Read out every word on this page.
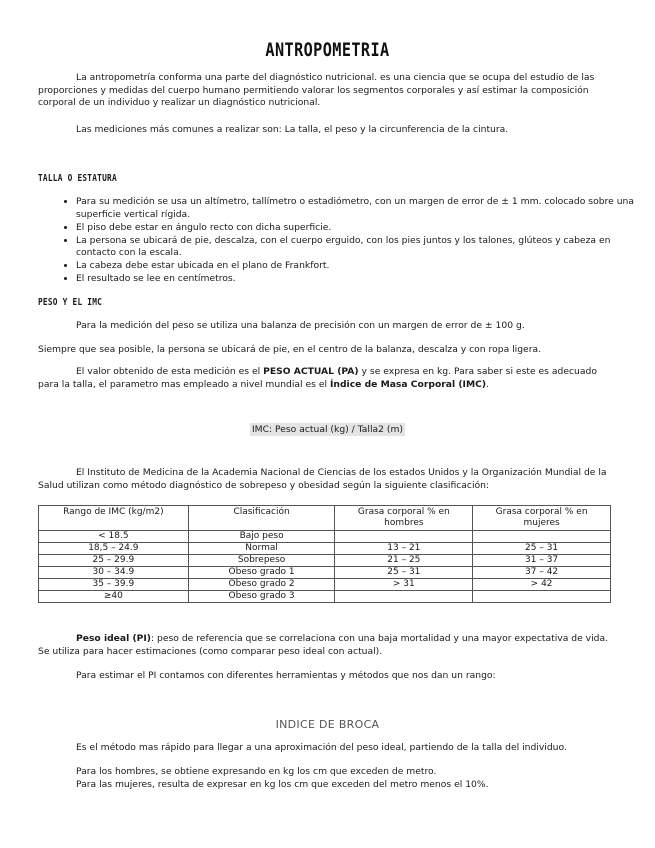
ANTROPOMETRIA

La antropometría conforma una parte del diagnóstico nutricional. es una ciencia que se ocupa del estudio de las proporciones y medidas del cuerpo humano permitiendo valorar los segmentos corporales y así estimar la composición corporal de un individuo y realizar un diagnóstico nutricional.

Las mediciones más comunes a realizar son: La talla, el peso y la circunferencia de la cintura.

TALLA O ESTATURA
• Para su medición se usa un altímetro, tallímetro o estadiómetro, con un margen de error de ± 1 mm. colocado sobre una superficie vertical rígida.
• El piso debe estar en ángulo recto con dicha superficie.
• La persona se ubicará de pie, descalza, con el cuerpo erguido, con los pies juntos y los talones, glúteos y cabeza en contacto con la escala.
• La cabeza debe estar ubicada en el plano de Frankfort.
• El resultado se lee en centímetros.
PESO Y EL IMC

Para la medición del peso se utiliza una balanza de precisión con un margen de error de ± 100 g.

Siempre que sea posible, la persona se ubicará de pie, en el centro de la balanza, descalza y con ropa ligera.

El valor obtenido de esta medición es el PESO ACTUAL (PA) y se expresa en kg. Para saber si este es adecuado para la talla, el parametro mas empleado a nivel mundial es el Índice de Masa Corporal (IMC).

IMC: Peso actual (kg) / Talla2 (m)

El Instituto de Medicina de la Academia Nacional de Ciencias de los estados Unidos y la Organización Mundial de la Salud utilizan como método diagnóstico de sobrepeso y obesidad según la siguiente clasificación:

Rango de IMC (kg/m2)	Clasificación	Grasa corporal % en hombres	Grasa corporal % en mujeres
< 18.5	Bajo peso		
18,5 – 24.9	Normal	13 – 21	25 – 31
25 – 29.9	Sobrepeso	21 – 25	31 – 37
30 – 34.9	Obeso grado 1	25 – 31	37 – 42
35 – 39.9	Obeso grado 2	> 31	> 42
≥40	Obeso grado 3		

Peso ideal (PI): peso de referencia que se correlaciona con una baja mortalidad y una mayor expectativa de vida. Se utiliza para hacer estimaciones (como comparar peso ideal con actual).

Para estimar el PI contamos con diferentes herramientas y métodos que nos dan un rango:

INDICE DE BROCA

Es el método mas rápido para llegar a una aproximación del peso ideal, partiendo de la talla del individuo.

Para los hombres, se obtiene expresando en kg los cm que exceden de metro.

Para las mujeres, resulta de expresar en kg los cm que exceden del metro menos el 10%.
